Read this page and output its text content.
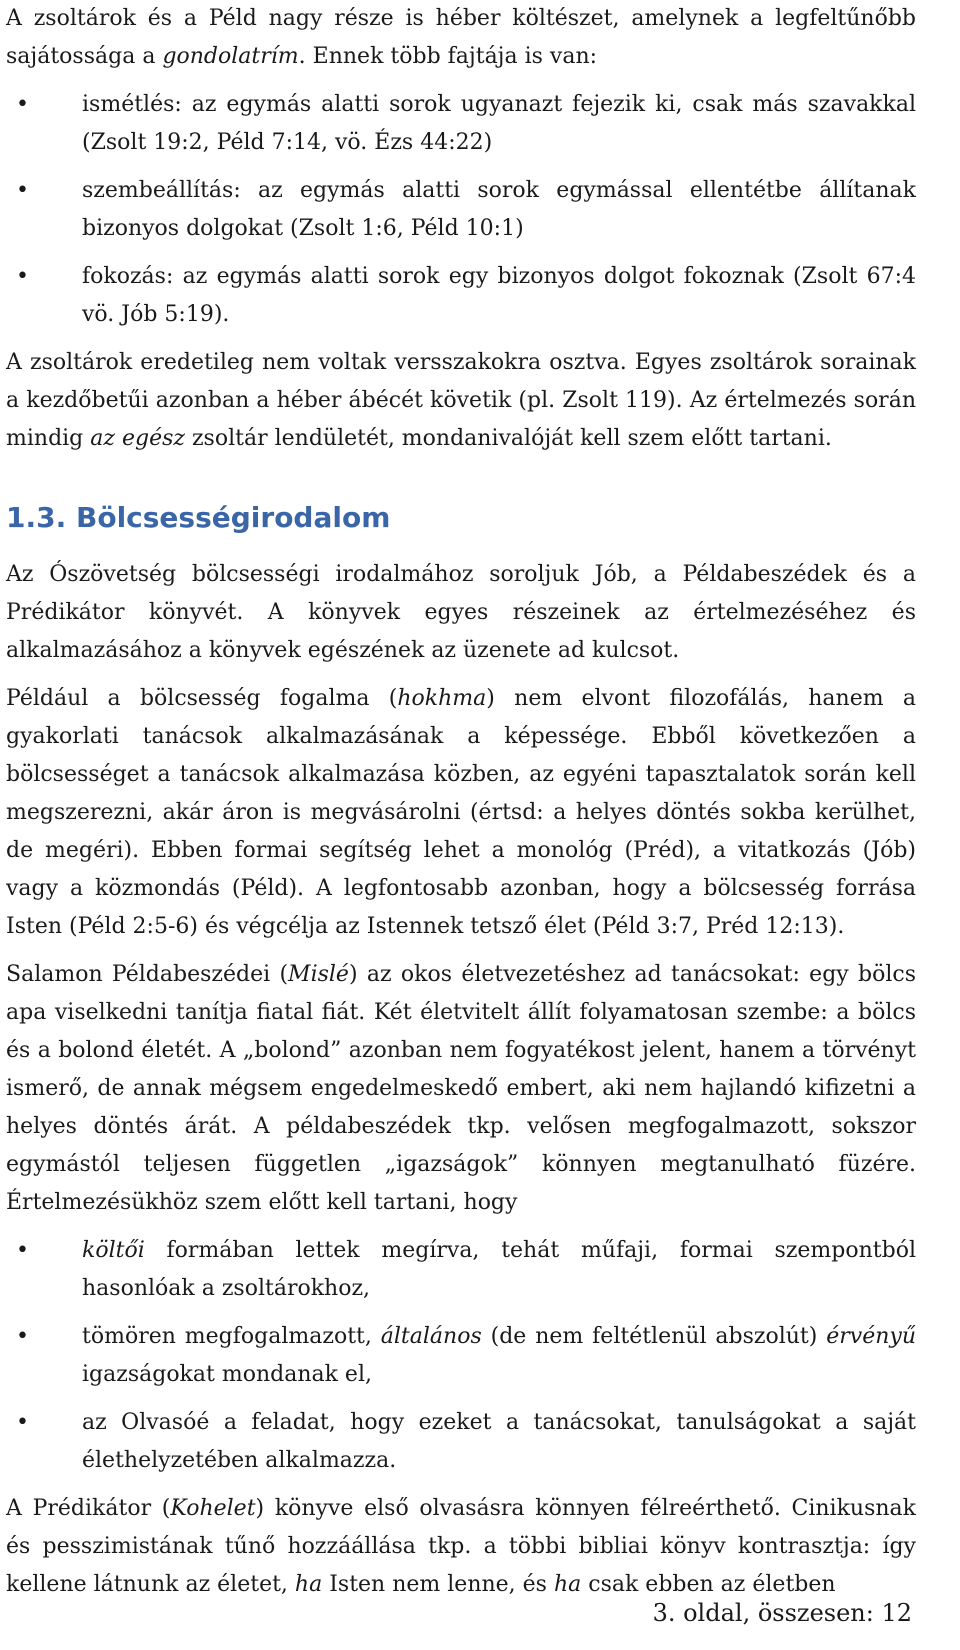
A zsoltárok és a Péld nagy része is héber költészet, amelynek a legfeltűnőbb sajátossága a gondolatrím. Ennek több fajtája is van:

• ismétlés: az egymás alatti sorok ugyanazt fejezik ki, csak más szavakkal (Zsolt 19:2, Péld 7:14, vö. Ézs 44:22)
• szembeállítás: az egymás alatti sorok egymással ellentétbe állítanak bizonyos dolgokat (Zsolt 1:6, Péld 10:1)
• fokozás: az egymás alatti sorok egy bizonyos dolgot fokoznak (Zsolt 67:4 vö. Jób 5:19).

A zsoltárok eredetileg nem voltak versszakokra osztva. Egyes zsoltárok sorainak a kezdőbetűi azonban a héber ábécét követik (pl. Zsolt 119). Az értelmezés során mindig az egész zsoltár lendületét, mondanivalóját kell szem előtt tartani.

1.3. Bölcsességirodalom

Az Ószövetség bölcsességi irodalmához soroljuk Jób, a Példabeszédek és a Prédikátor könyvét. A könyvek egyes részeinek az értelmezéséhez és alkalmazásához a könyvek egészének az üzenete ad kulcsot.

Például a bölcsesség fogalma (hokhma) nem elvont filozofálás, hanem a gyakorlati tanácsok alkalmazásának a képessége. Ebből következően a bölcsességet a tanácsok alkalmazása közben, az egyéni tapasztalatok során kell megszerezni, akár áron is megvásárolni (értsd: a helyes döntés sokba kerülhet, de megéri). Ebben formai segítség lehet a monológ (Préd), a vitatkozás (Jób) vagy a közmondás (Péld). A legfontosabb azonban, hogy a bölcsesség forrása Isten (Péld 2:5-6) és végcélja az Istennek tetsző élet (Péld 3:7, Préd 12:13).

Salamon Példabeszédei (Mislé) az okos életvezetéshez ad tanácsokat: egy bölcs apa viselkedni tanítja fiatal fiát. Két életvitelt állít folyamatosan szembe: a bölcs és a bolond életét. A „bolond” azonban nem fogyatékost jelent, hanem a törvényt ismerő, de annak mégsem engedelmeskedő embert, aki nem hajlandó kifizetni a helyes döntés árát. A példabeszédek tkp. velősen megfogalmazott, sokszor egymástól teljesen független „igazságok” könnyen megtanulható füzére. Értelmezésükhöz szem előtt kell tartani, hogy

• költői formában lettek megírva, tehát műfaji, formai szempontból hasonlóak a zsoltárokhoz,
• tömören megfogalmazott, általános (de nem feltétlenül abszolút) érvényű igazságokat mondanak el,
• az Olvasóé a feladat, hogy ezeket a tanácsokat, tanulságokat a saját élethelyzetében alkalmazza.

A Prédikátor (Kohelet) könyve első olvasásra könnyen félreérthető. Cinikusnak és pesszimistának tűnő hozzáállása tkp. a többi bibliai könyv kontrasztja: így kellene látnunk az életet, ha Isten nem lenne, és ha csak ebben az életben

3. oldal, összesen: 12
